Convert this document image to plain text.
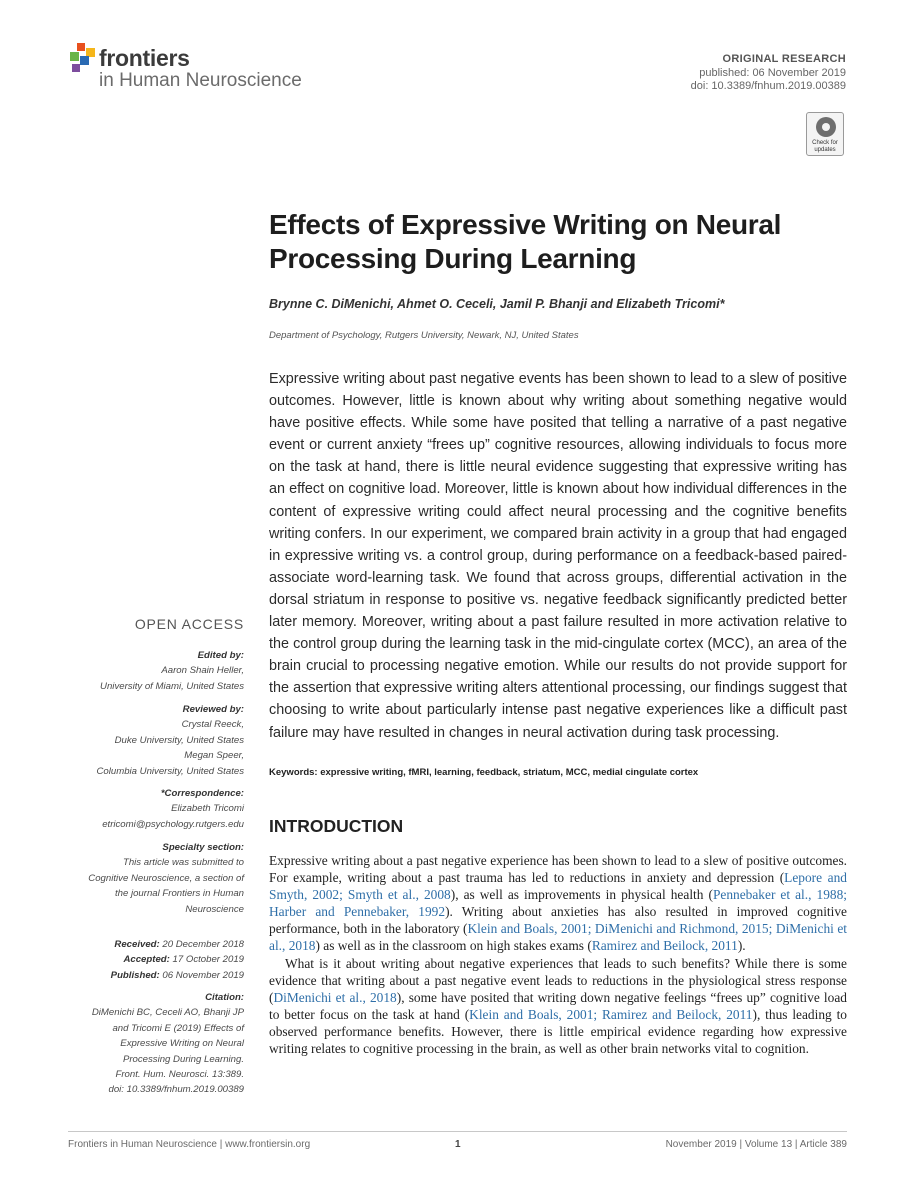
frontiers
in Human Neuroscience
ORIGINAL RESEARCH
published: 06 November 2019
doi: 10.3389/fnhum.2019.00389
Check for updates
Effects of Expressive Writing on Neural Processing During Learning
Brynne C. DiMenichi, Ahmet O. Ceceli, Jamil P. Bhanji and Elizabeth Tricomi*
Department of Psychology, Rutgers University, Newark, NJ, United States

Expressive writing about past negative events has been shown to lead to a slew of positive outcomes. However, little is known about why writing about something negative would have positive effects. While some have posited that telling a narrative of a past negative event or current anxiety “frees up” cognitive resources, allowing individuals to focus more on the task at hand, there is little neural evidence suggesting that expressive writing has an effect on cognitive load. Moreover, little is known about how individual differences in the content of expressive writing could affect neural processing and the cognitive benefits writing confers. In our experiment, we compared brain activity in a group that had engaged in expressive writing vs. a control group, during performance on a feedback-based paired-associate word-learning task. We found that across groups, differential activation in the dorsal striatum in response to positive vs. negative feedback significantly predicted better later memory. Moreover, writing about a past failure resulted in more activation relative to the control group during the learning task in the mid-cingulate cortex (MCC), an area of the brain crucial to processing negative emotion. While our results do not provide support for the assertion that expressive writing alters attentional processing, our findings suggest that choosing to write about particularly intense past negative experiences like a difficult past failure may have resulted in changes in neural activation during task processing.

Keywords: expressive writing, fMRI, learning, feedback, striatum, MCC, medial cingulate cortex
OPEN ACCESS
Edited by:
Aaron Shain Heller,
University of Miami, United States
Reviewed by:
Crystal Reeck,
Duke University, United States
Megan Speer,
Columbia University, United States
*Correspondence:
Elizabeth Tricomi
etricomi@psychology.rutgers.edu
Specialty section:
This article was submitted to
Cognitive Neuroscience, a section of
the journal Frontiers in Human
Neuroscience
Received: 20 December 2018
Accepted: 17 October 2019
Published: 06 November 2019
Citation:
DiMenichi BC, Ceceli AO, Bhanji JP
and Tricomi E (2019) Effects of
Expressive Writing on Neural
Processing During Learning.
Front. Hum. Neurosci. 13:389.
doi: 10.3389/fnhum.2019.00389
INTRODUCTION

Expressive writing about a past negative experience has been shown to lead to a slew of positive outcomes. For example, writing about a past trauma has led to reductions in anxiety and depression (Lepore and Smyth, 2002; Smyth et al., 2008), as well as improvements in physical health (Pennebaker et al., 1988; Harber and Pennebaker, 1992). Writing about anxieties has also resulted in improved cognitive performance, both in the laboratory (Klein and Boals, 2001; DiMenichi and Richmond, 2015; DiMenichi et al., 2018) as well as in the classroom on high stakes exams (Ramirez and Beilock, 2011).

What is it about writing about negative experiences that leads to such benefits? While there is some evidence that writing about a past negative event leads to reductions in the physiological stress response (DiMenichi et al., 2018), some have posited that writing down negative feelings “frees up” cognitive load to better focus on the task at hand (Klein and Boals, 2001; Ramirez and Beilock, 2011), thus leading to observed performance benefits. However, there is little empirical evidence regarding how expressive writing relates to cognitive processing in the brain, as well as other brain networks vital to cognition.

Frontiers in Human Neuroscience | www.frontiersin.org	1	November 2019 | Volume 13 | Article 389
